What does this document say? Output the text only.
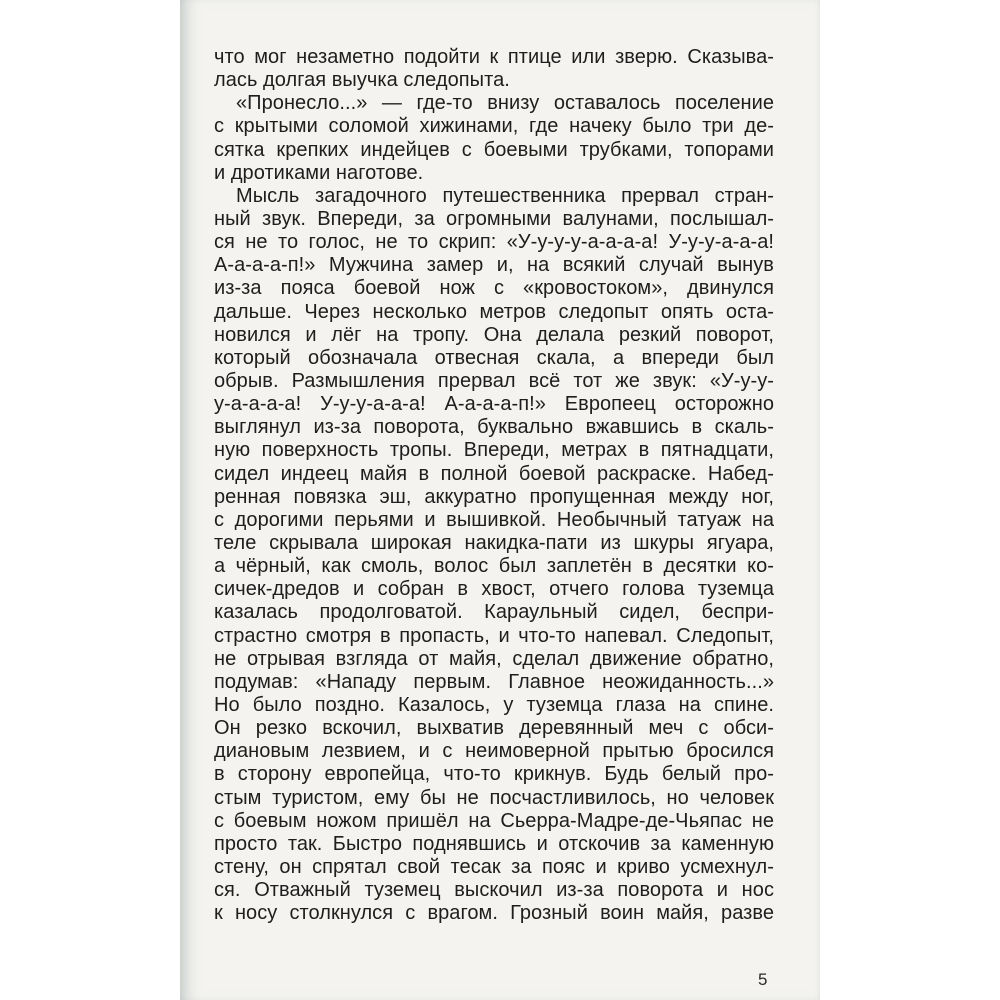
что мог незаметно подойти к птице или зверю. Сказыва-
лась долгая выучка следопыта.
«Пронесло...» — где-то внизу оставалось поселение
с крытыми соломой хижинами, где начеку было три де-
сятка крепких индейцев с боевыми трубками, топорами
и дротиками наготове.
Мысль загадочного путешественника прервал стран-
ный звук. Впереди, за огромными валунами, послышал-
ся не то голос, не то скрип: «У-у-у-у-а-а-а-а! У-у-у-а-а-а!
А-а-а-а-п!» Мужчина замер и, на всякий случай вынув
из-за пояса боевой нож с «кровостоком», двинулся
дальше. Через несколько метров следопыт опять оста-
новился и лёг на тропу. Она делала резкий поворот,
который обозначала отвесная скала, а впереди был
обрыв. Размышления прервал всё тот же звук: «У-у-у-
у-а-а-а-а! У-у-у-а-а-а! А-а-а-а-п!» Европеец осторожно
выглянул из-за поворота, буквально вжавшись в скаль-
ную поверхность тропы. Впереди, метрах в пятнадцати,
сидел индеец майя в полной боевой раскраске. Набед-
ренная повязка эш, аккуратно пропущенная между ног,
с дорогими перьями и вышивкой. Необычный татуаж на
теле скрывала широкая накидка-пати из шкуры ягуара,
а чёрный, как смоль, волос был заплетён в десятки ко-
сичек-дредов и собран в хвост, отчего голова туземца
казалась продолговатой. Караульный сидел, беспри-
страстно смотря в пропасть, и что-то напевал. Следопыт,
не отрывая взгляда от майя, сделал движение обратно,
подумав: «Нападу первым. Главное неожиданность...»
Но было поздно. Казалось, у туземца глаза на спине.
Он резко вскочил, выхватив деревянный меч с обси-
диановым лезвием, и с неимоверной прытью бросился
в сторону европейца, что-то крикнув. Будь белый про-
стым туристом, ему бы не посчастливилось, но человек
с боевым ножом пришёл на Сьерра-Мадре-де-Чьяпас не
просто так. Быстро поднявшись и отскочив за каменную
стену, он спрятал свой тесак за пояс и криво усмехнул-
ся. Отважный туземец выскочил из-за поворота и нос
к носу столкнулся с врагом. Грозный воин майя, разве
5
